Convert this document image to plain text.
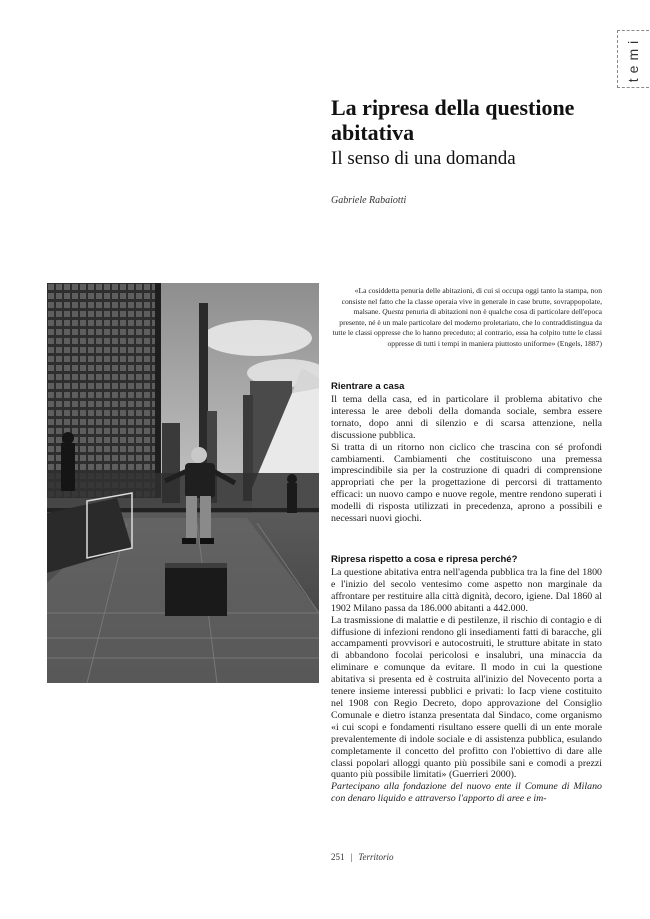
temi
La ripresa della questione abitativa
Il senso di una domanda
Gabriele Rabaiotti

«La cosiddetta penuria delle abitazioni, di cui si occupa oggi tanto la stampa, non consiste nel fatto che la classe operaia vive in generale in case brutte, sovrappopolate, malsane. Questa penuria di abitazioni non è qualche cosa di particolare dell'epoca presente, né è un male particolare del moderno proletariato, che lo contraddistingua da tutte le classi oppresse che lo hanno preceduto; al contrario, essa ha colpito tutte le classi oppresse di tutti i tempi in maniera piuttosto uniforme» (Engels, 1887)

Rientrare a casa

Il tema della casa, ed in particolare il problema abitativo che interessa le aree deboli della domanda sociale, sembra essere tornato, dopo anni di silenzio e di scarsa attenzione, nella discussione pubblica.

Si tratta di un ritorno non ciclico che trascina con sé profondi cambiamenti. Cambiamenti che costituiscono una premessa imprescindibile sia per la costruzione di quadri di comprensione appropriati che per la progettazione di percorsi di trattamento efficaci: un nuovo campo e nuove regole, mentre rendono superati i modelli di risposta utilizzati in precedenza, aprono a possibili e necessari nuovi giochi.

Ripresa rispetto a cosa e ripresa perché?

La questione abitativa entra nell'agenda pubblica tra la fine del 1800 e l'inizio del secolo ventesimo come aspetto non marginale da affrontare per restituire alla città dignità, decoro, igiene. Dal 1860 al 1902 Milano passa da 186.000 abitanti a 442.000.

La trasmissione di malattie e di pestilenze, il rischio di contagio e di diffusione di infezioni rendono gli insediamenti fatti di baracche, gli accampamenti provvisori e autocostruiti, le strutture abitate in stato di abbandono focolai pericolosi e insalubri, una minaccia da eliminare e comunque da evitare. Il modo in cui la questione abitativa si presenta ed è costruita all'inizio del Novecento porta a tenere insieme interessi pubblici e privati: lo Iacp viene costituito nel 1908 con Regio Decreto, dopo approvazione del Consiglio Comunale e dietro istanza presentata dal Sindaco, come organismo «i cui scopi e fondamenti risultano essere quelli di un ente morale prevalentemente di indole sociale e di assistenza pubblica, esulando completamente il concetto del profitto con l'obiettivo di dare alle classi popolari alloggi quanto più possibile sani e comodi a prezzi quanto più possibile limitati» (Guerrieri 2000).

Partecipano alla fondazione del nuovo ente il Comune di Milano con denaro liquido e attraverso l'apporto di aree e im-

251 | Territorio
